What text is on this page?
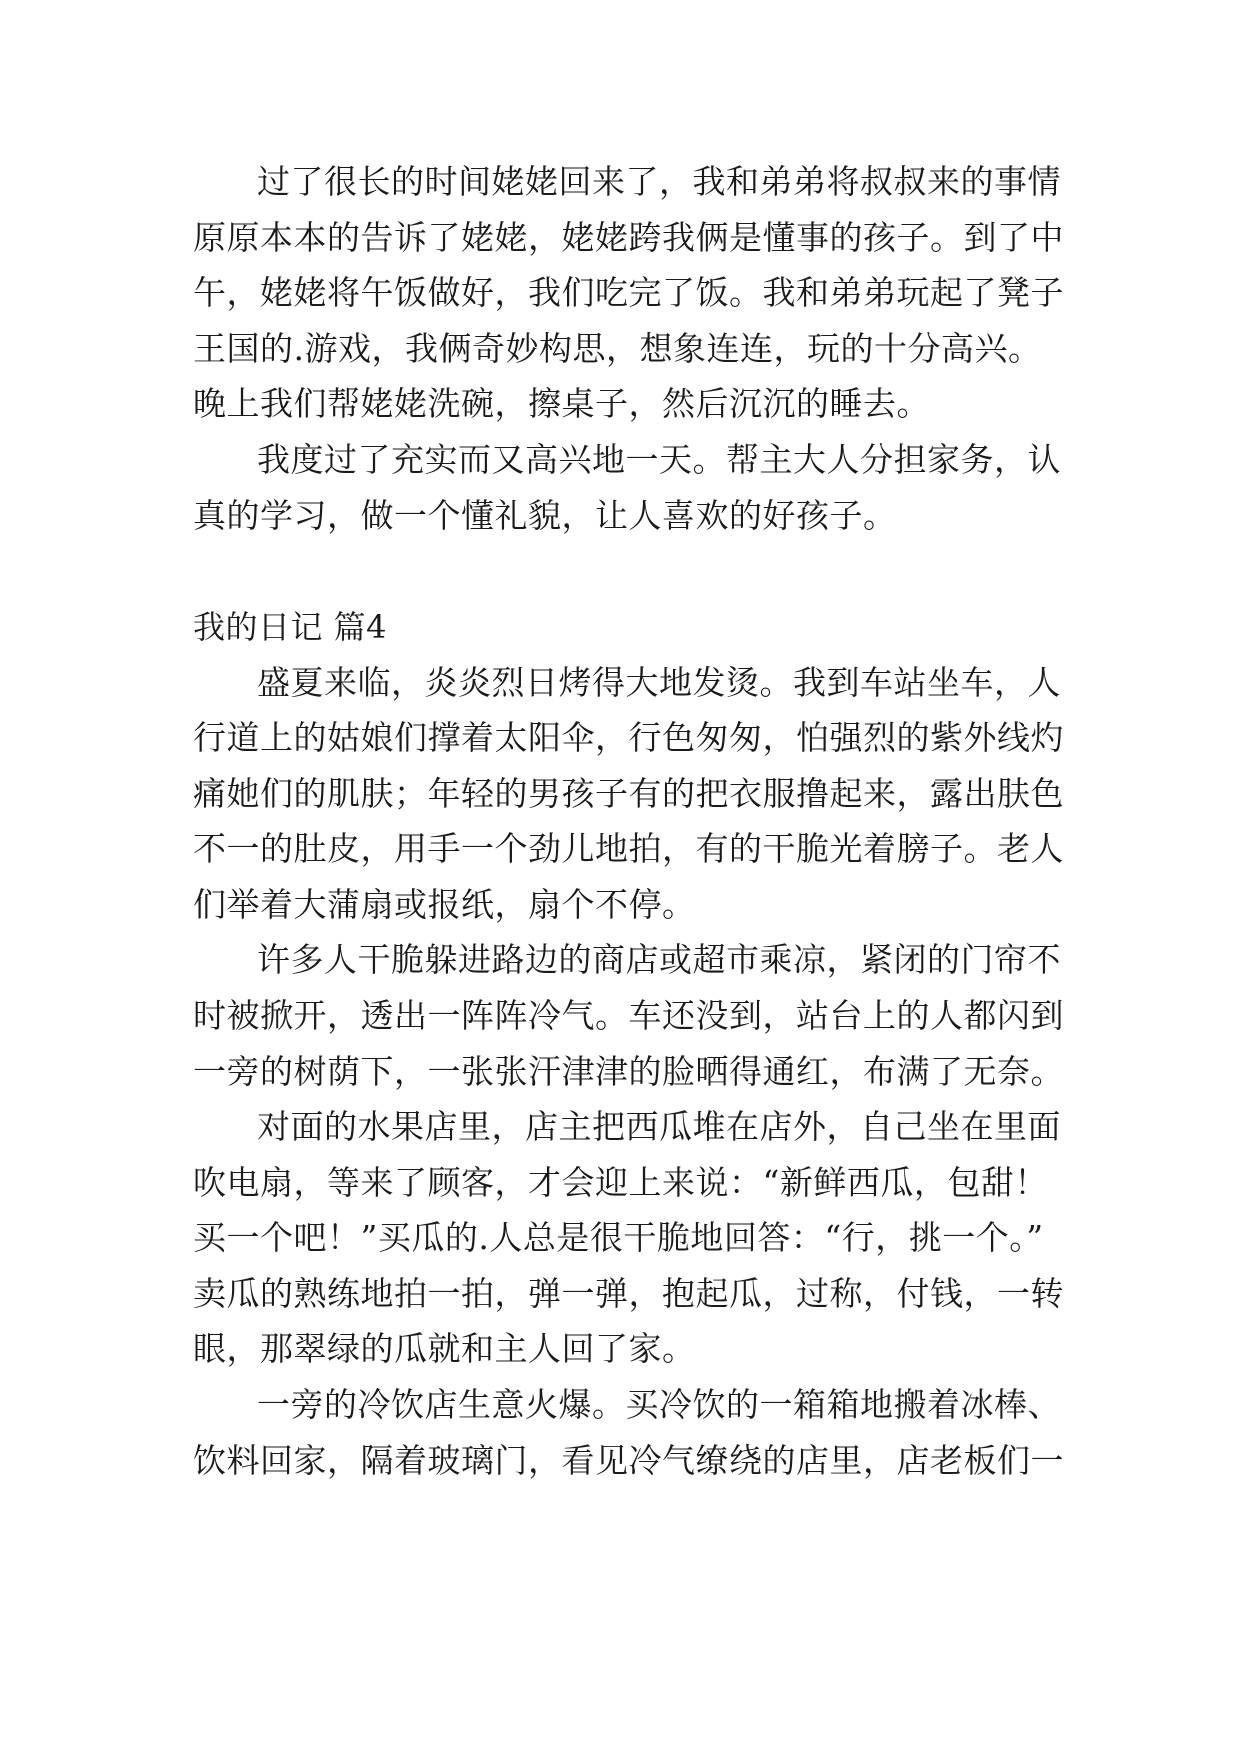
过了很长的时间姥姥回来了，我和弟弟将叔叔来的事情
原原本本的告诉了姥姥，姥姥跨我俩是懂事的孩子。到了中
午，姥姥将午饭做好，我们吃完了饭。我和弟弟玩起了凳子
王国的.游戏，我俩奇妙构思，想象连连，玩的十分高兴。
晚上我们帮姥姥洗碗，擦桌子，然后沉沉的睡去。
我度过了充实而又高兴地一天。帮主大人分担家务，认
真的学习，做一个懂礼貌，让人喜欢的好孩子。
我的日记 篇4
盛夏来临，炎炎烈日烤得大地发烫。我到车站坐车，人
行道上的姑娘们撑着太阳伞，行色匆匆，怕强烈的紫外线灼
痛她们的肌肤；年轻的男孩子有的把衣服撸起来，露出肤色
不一的肚皮，用手一个劲儿地拍，有的干脆光着膀子。老人
们举着大蒲扇或报纸，扇个不停。
许多人干脆躲进路边的商店或超市乘凉，紧闭的门帘不
时被掀开，透出一阵阵冷气。车还没到，站台上的人都闪到
一旁的树荫下，一张张汗津津的脸晒得通红，布满了无奈。
对面的水果店里，店主把西瓜堆在店外，自己坐在里面
吹电扇，等来了顾客，才会迎上来说：“新鲜西瓜，包甜！
买一个吧！”买瓜的.人总是很干脆地回答：“行，挑一个。”
卖瓜的熟练地拍一拍，弹一弹，抱起瓜，过称，付钱，一转
眼，那翠绿的瓜就和主人回了家。
一旁的冷饮店生意火爆。买冷饮的一箱箱地搬着冰棒、
饮料回家，隔着玻璃门，看见冷气缭绕的店里，店老板们一
